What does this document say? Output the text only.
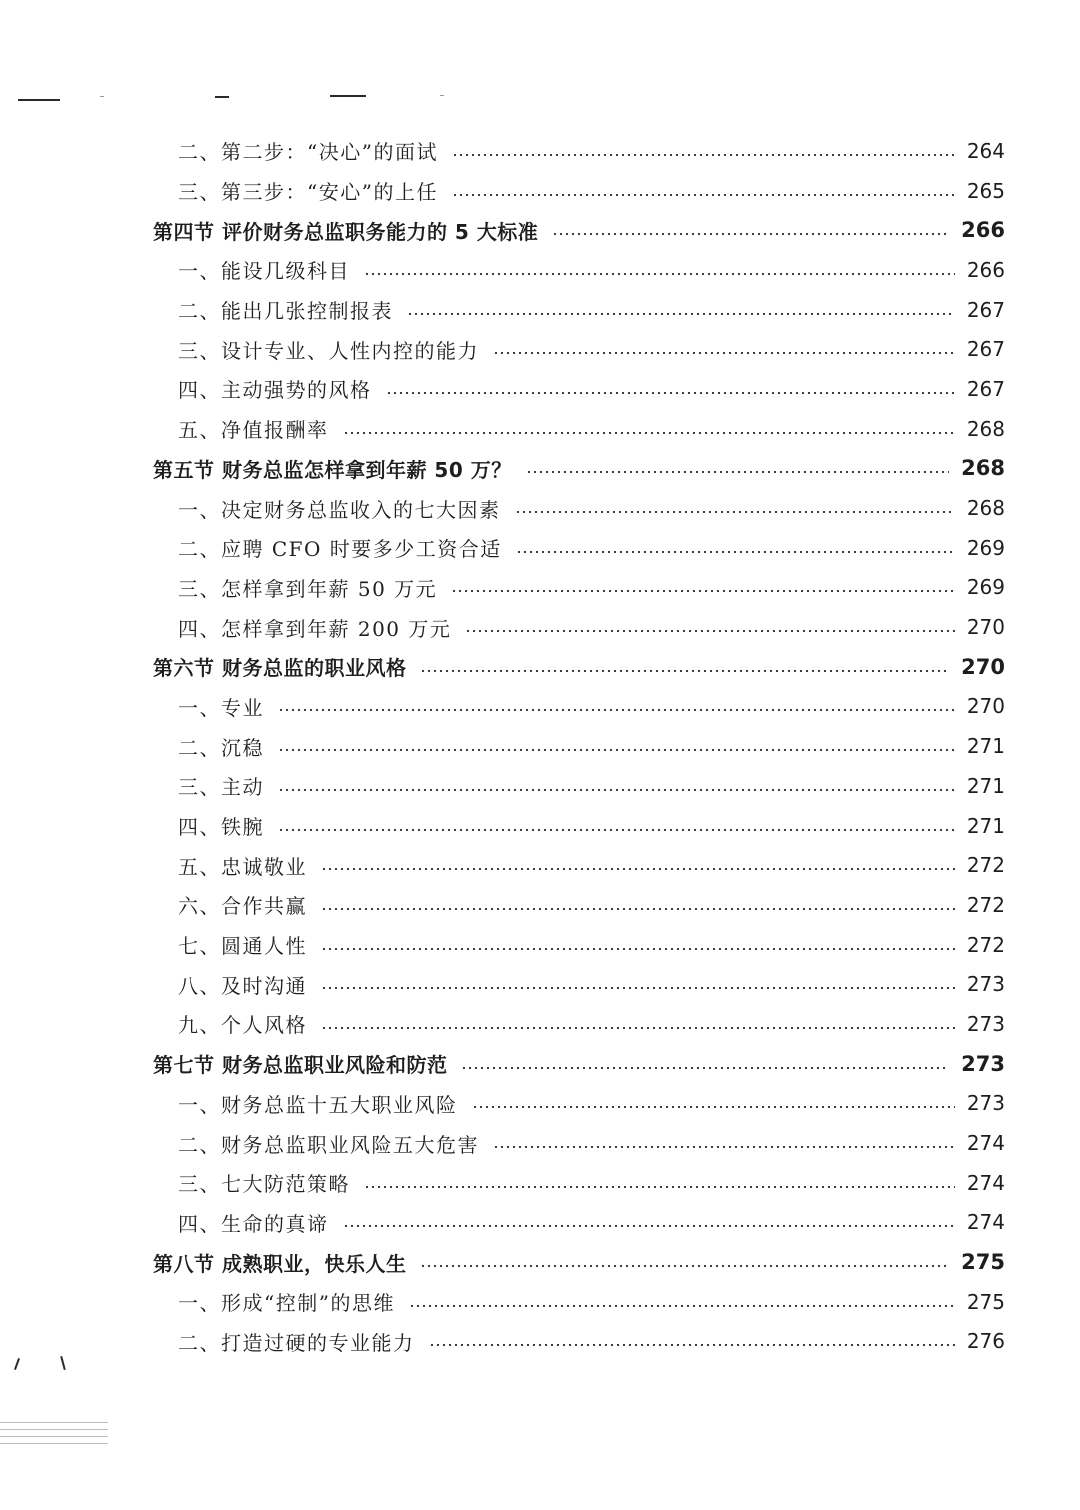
二、第二步：“决心”的面试	264
三、第三步：“安心”的上任	265
第四节 评价财务总监职务能力的 5 大标准	266
一、能设几级科目	266
二、能出几张控制报表	267
三、设计专业、人性内控的能力	267
四、主动强势的风格	267
五、净值报酬率	268
第五节 财务总监怎样拿到年薪 50 万？	268
一、决定财务总监收入的七大因素	268
二、应聘 CFO 时要多少工资合适	269
三、怎样拿到年薪 50 万元	269
四、怎样拿到年薪 200 万元	270
第六节 财务总监的职业风格	270
一、专业	270
二、沉稳	271
三、主动	271
四、铁腕	271
五、忠诚敬业	272
六、合作共赢	272
七、圆通人性	272
八、及时沟通	273
九、个人风格	273
第七节 财务总监职业风险和防范	273
一、财务总监十五大职业风险	273
二、财务总监职业风险五大危害	274
三、七大防范策略	274
四、生命的真谛	274
第八节 成熟职业，快乐人生	275
一、形成“控制”的思维	275
二、打造过硬的专业能力	276
